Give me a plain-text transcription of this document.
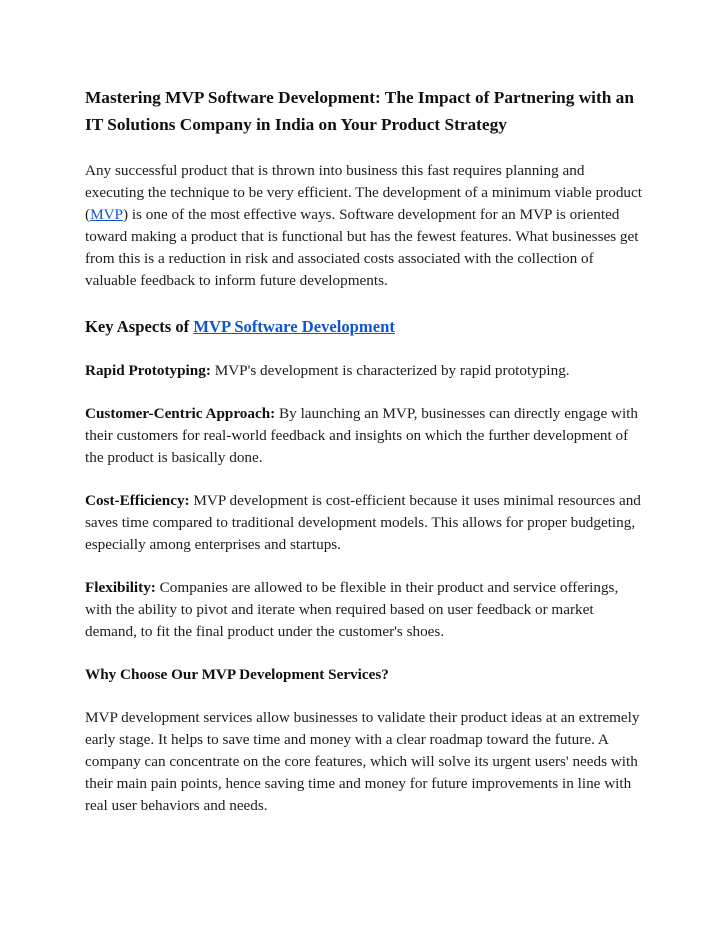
Mastering MVP Software Development: The Impact of Partnering with an IT Solutions Company in India on Your Product Strategy

Any successful product that is thrown into business this fast requires planning and executing the technique to be very efficient. The development of a minimum viable product (MVP) is one of the most effective ways. Software development for an MVP is oriented toward making a product that is functional but has the fewest features. What businesses get from this is a reduction in risk and associated costs associated with the collection of valuable feedback to inform future developments.

Key Aspects of MVP Software Development

Rapid Prototyping: MVP's development is characterized by rapid prototyping.

Customer-Centric Approach: By launching an MVP, businesses can directly engage with their customers for real-world feedback and insights on which the further development of the product is basically done.

Cost-Efficiency: MVP development is cost-efficient because it uses minimal resources and saves time compared to traditional development models. This allows for proper budgeting, especially among enterprises and startups.

Flexibility: Companies are allowed to be flexible in their product and service offerings, with the ability to pivot and iterate when required based on user feedback or market demand, to fit the final product under the customer's shoes.

Why Choose Our MVP Development Services?

MVP development services allow businesses to validate their product ideas at an extremely early stage. It helps to save time and money with a clear roadmap toward the future. A company can concentrate on the core features, which will solve its urgent users' needs with their main pain points, hence saving time and money for future improvements in line with real user behaviors and needs.
